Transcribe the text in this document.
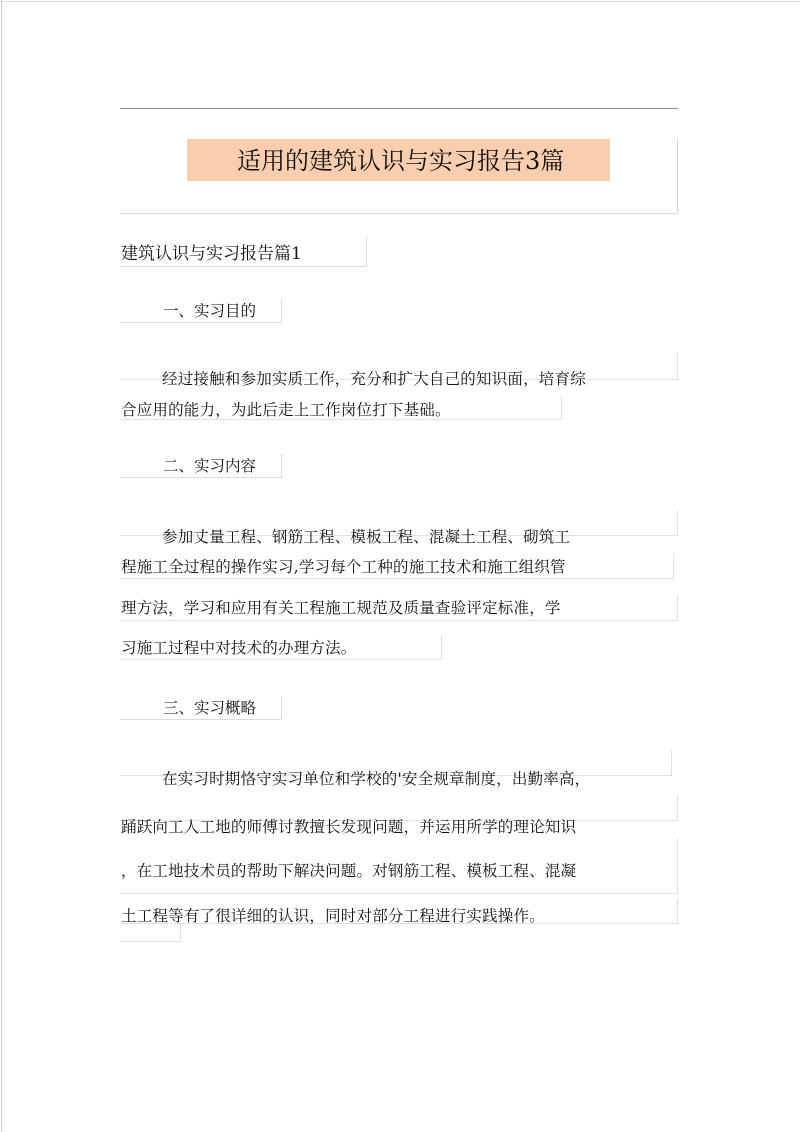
适用的建筑认识与实习报告3篇
建筑认识与实习报告篇1
一、实习目的
经过接触和参加实质工作，充分和扩大自己的知识面，培育综
合应用的能力，为此后走上工作岗位打下基础。
二、实习内容
参加丈量工程、钢筋工程、模板工程、混凝土工程、砌筑工
程施工全过程的操作实习,学习每个工种的施工技术和施工组织管
理方法，学习和应用有关工程施工规范及质量查验评定标准，学
习施工过程中对技术的办理方法。
三、实习概略
在实习时期恪守实习单位和学校的'安全规章制度，出勤率高，
踊跃向工人工地的师傅讨教擅长发现问题，并运用所学的理论知识
，在工地技术员的帮助下解决问题。对钢筋工程、模板工程、混凝
土工程等有了很详细的认识，同时对部分工程进行实践操作。
